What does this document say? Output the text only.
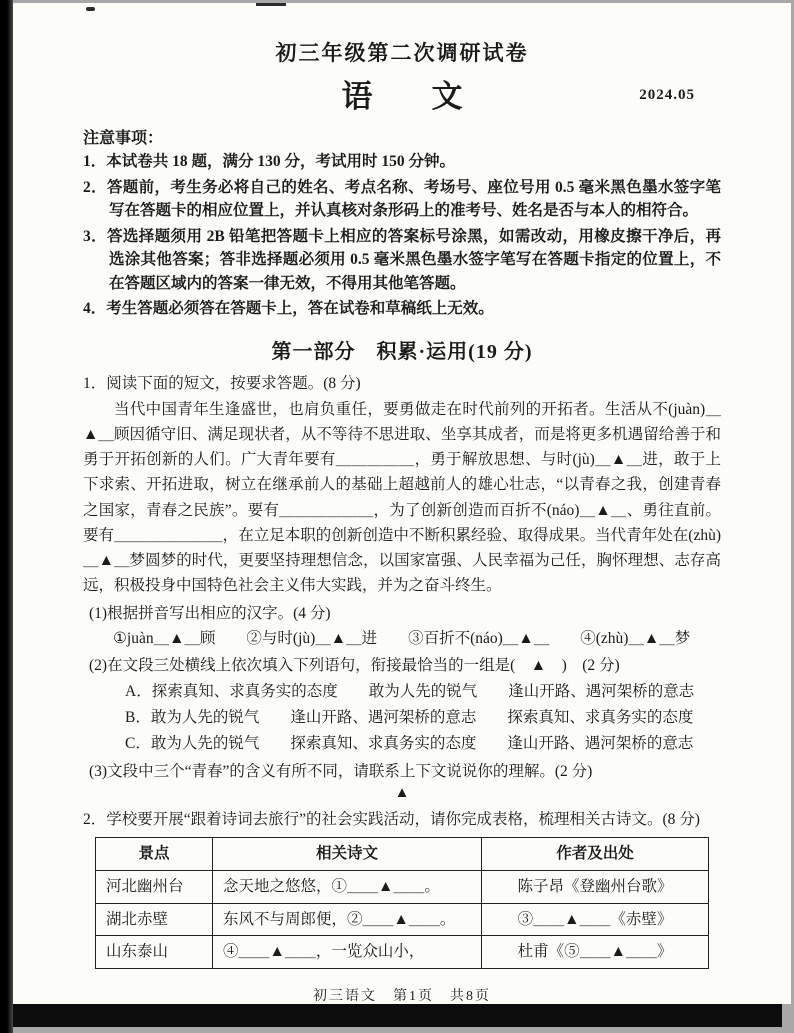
初三年级第二次调研试卷
语　文	2024.05
注意事项：

1．本试卷共 18 题，满分 130 分，考试用时 150 分钟。

2．答题前，考生务必将自己的姓名、考点名称、考场号、座位号用 0.5 毫米黑色墨水签字笔写在答题卡的相应位置上，并认真核对条形码上的准考号、姓名是否与本人的相符合。

3．答选择题须用 2B 铅笔把答题卡上相应的答案标号涂黑，如需改动，用橡皮擦干净后，再选涂其他答案；答非选择题必须用 0.5 毫米黑色墨水签字笔写在答题卡指定的位置上，不在答题区域内的答案一律无效，不得用其他笔答题。

4．考生答题必须答在答题卡上，答在试卷和草稿纸上无效。

第一部分　积累·运用(19 分)

1．阅读下面的短文，按要求答题。(8 分)

当代中国青年生逢盛世，也肩负重任，要勇做走在时代前列的开拓者。生活从不(juàn)＿▲＿顾因循守旧、满足现状者，从不等待不思进取、坐享其成者，而是将更多机遇留给善于和勇于开拓创新的人们。广大青年要有＿＿＿＿＿，勇于解放思想、与时(jù)＿▲＿进，敢于上下求索、开拓进取，树立在继承前人的基础上超越前人的雄心壮志，“以青春之我，创建青春之国家，青春之民族”。要有＿＿＿＿＿＿，为了创新创造而百折不(náo)＿▲＿、勇往直前。要有＿＿＿＿＿＿＿，在立足本职的创新创造中不断积累经验、取得成果。当代青年处在(zhù)＿▲＿梦圆梦的时代，更要坚持理想信念，以国家富强、人民幸福为己任，胸怀理想、志存高远，积极投身中国特色社会主义伟大实践，并为之奋斗终生。

(1)根据拼音写出相应的汉字。(4 分)

①juàn＿▲＿顾　　②与时(jù)＿▲＿进　　③百折不(náo)＿▲＿　　④(zhù)＿▲＿梦

(2)在文段三处横线上依次填入下列语句，衔接最恰当的一组是(　▲　)　(2 分)

A．探索真知、求真务实的态度　　敢为人先的锐气　　逢山开路、遇河架桥的意志

B．敢为人先的锐气　　逢山开路、遇河架桥的意志　　探索真知、求真务实的态度

C．敢为人先的锐气　　探索真知、求真务实的态度　　逢山开路、遇河架桥的意志

(3)文段中三个“青春”的含义有所不同，请联系上下文说说你的理解。(2 分)

▲

2．学校要开展“跟着诗词去旅行”的社会实践活动，请你完成表格，梳理相关古诗文。(8 分)

景点	相关诗文	作者及出处
河北幽州台	念天地之悠悠，①＿＿▲＿＿。	陈子昂《登幽州台歌》
湖北赤壁	东风不与周郎便，②＿＿▲＿＿。	③＿＿▲＿＿《赤壁》
山东泰山	④＿＿▲＿＿，一览众山小，	杜甫《⑤＿＿▲＿＿》
初三语文　第1页　共8页
